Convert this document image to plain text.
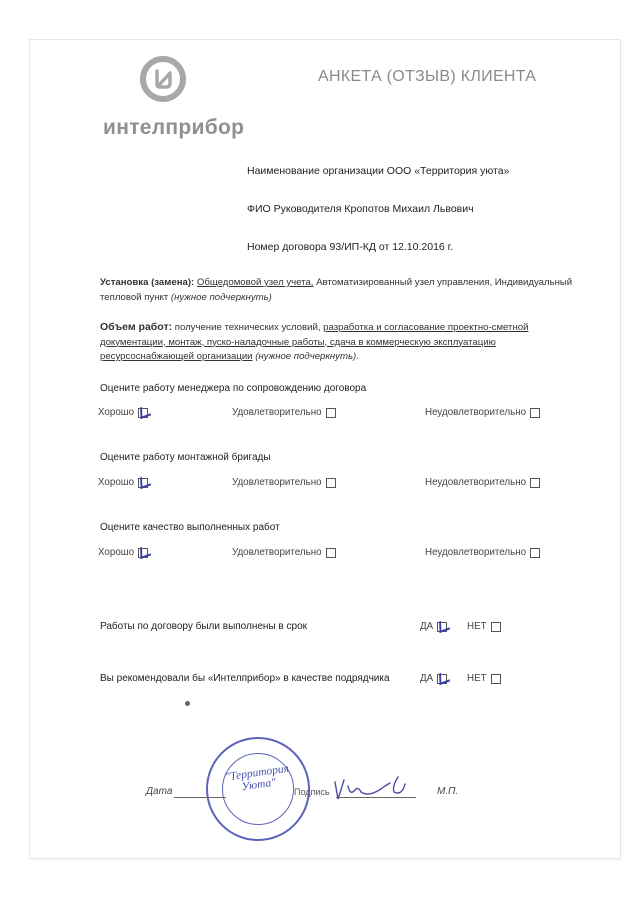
интелприбор
АНКЕТА (ОТЗЫВ) КЛИЕНТА
Наименование организации ООО «Территория уюта»
ФИО Руководителя Кропотов Михаил Львович
Номер договора 93/ИП-КД от 12.10.2016 г.
Установка (замена): Общедомовой узел учета, Автоматизированный узел управления, Индивидуальный
тепловой пункт (нужное подчеркнуть)
Объем работ: получение технических условий, разработка и согласование проектно-сметной
документации, монтаж, пуско-наладочные работы, сдача в коммерческую эксплуатацию
ресурсоснабжающей организации (нужное подчеркнуть).
Оцените работу менеджера по сопровождению договора
Хорошо	Удовлетворительно	Неудовлетворительно
Оцените работу монтажной бригады
Хорошо	Удовлетворительно	Неудовлетворительно
Оцените качество выполненных работ
Хорошо	Удовлетворительно	Неудовлетворительно
Работы по договору были выполнены в срок	ДА	НЕТ
Вы рекомендовали бы «Интелприбор» в качестве подрядчика	ДА	НЕТ
Дата
"Территория Уюта"	Подпись	М.П.
